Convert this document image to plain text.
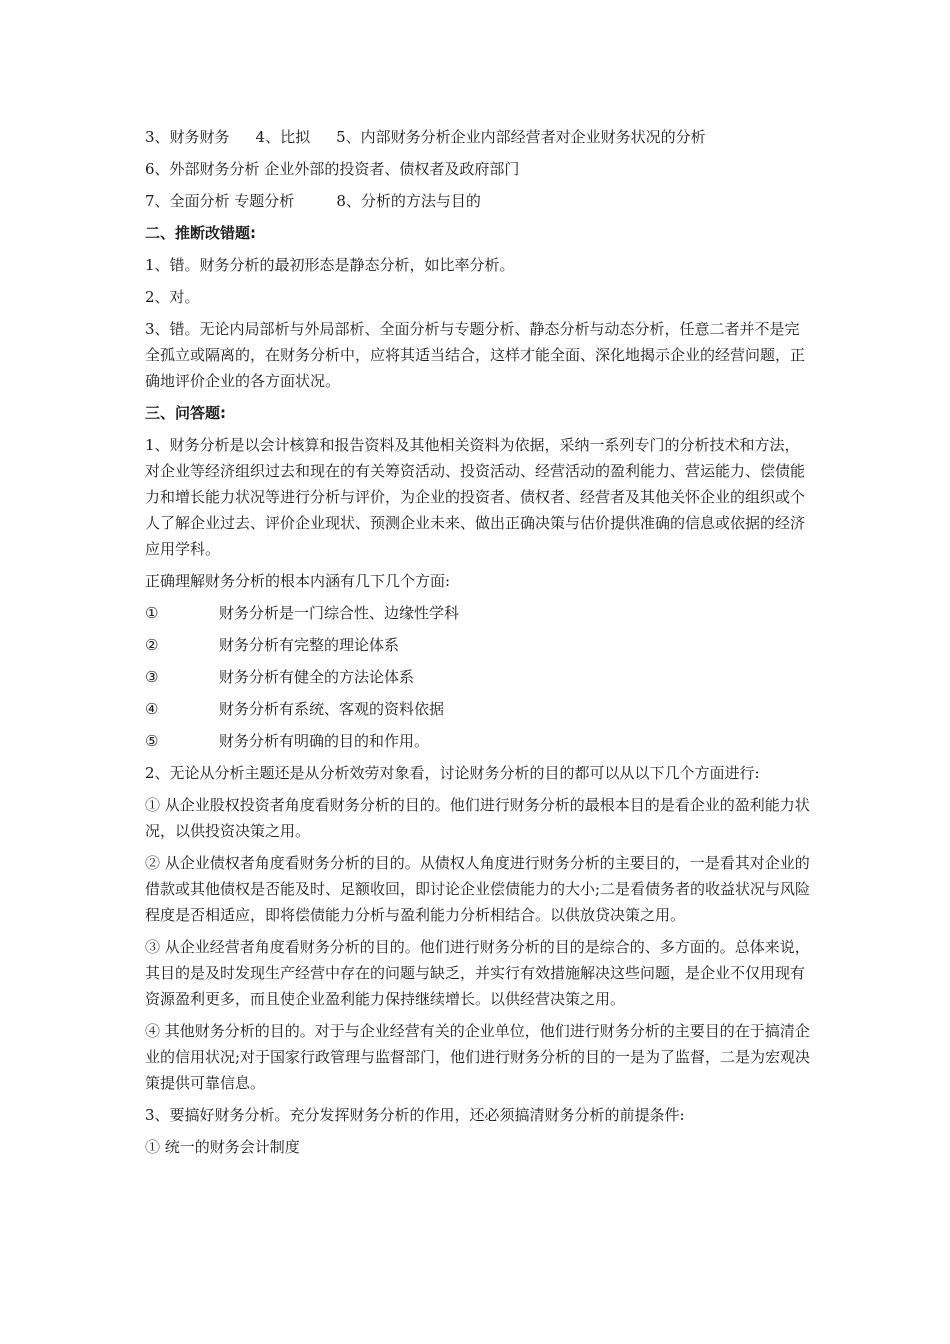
3、财务财务 4、比拟 5、内部财务分析企业内部经营者对企业财务状况的分析

6、外部财务分析 企业外部的投资者、债权者及政府部门

7、全面分析 专题分析	8、分析的方法与目的

二、推断改错题:

1、错。财务分析的最初形态是静态分析，如比率分析。

2、对。

3、错。无论内局部析与外局部析、全面分析与专题分析、静态分析与动态分析，任意二者并不是完全孤立或隔离的，在财务分析中，应将其适当结合，这样才能全面、深化地揭示企业的经营问题，正确地评价企业的各方面状况。

三、问答题:

1、财务分析是以会计核算和报告资料及其他相关资料为依据，采纳一系列专门的分析技术和方法，对企业等经济组织过去和现在的有关筹资活动、投资活动、经营活动的盈利能力、营运能力、偿债能力和增长能力状况等进行分析与评价，为企业的投资者、债权者、经营者及其他关怀企业的组织或个人了解企业过去、评价企业现状、预测企业未来、做出正确决策与估价提供准确的信息或依据的经济应用学科。

正确理解财务分析的根本内涵有几下几个方面:

①	财务分析是一门综合性、边缘性学科

②	财务分析有完整的理论体系

③	财务分析有健全的方法论体系

④	财务分析有系统、客观的资料依据

⑤	财务分析有明确的目的和作用。

2、无论从分析主题还是从分析效劳对象看，讨论财务分析的目的都可以从以下几个方面进行:

① 从企业股权投资者角度看财务分析的目的。他们进行财务分析的最根本目的是看企业的盈利能力状况，以供投资决策之用。

② 从企业债权者角度看财务分析的目的。从债权人角度进行财务分析的主要目的，一是看其对企业的借款或其他债权是否能及时、足额收回，即讨论企业偿债能力的大小;二是看债务者的收益状况与风险程度是否相适应，即将偿债能力分析与盈利能力分析相结合。以供放贷决策之用。

③ 从企业经营者角度看财务分析的目的。他们进行财务分析的目的是综合的、多方面的。总体来说，其目的是及时发现生产经营中存在的问题与缺乏，并实行有效措施解决这些问题，是企业不仅用现有资源盈利更多，而且使企业盈利能力保持继续增长。以供经营决策之用。

④ 其他财务分析的目的。对于与企业经营有关的企业单位，他们进行财务分析的主要目的在于搞清企业的信用状况;对于国家行政管理与监督部门，他们进行财务分析的目的一是为了监督，二是为宏观决策提供可靠信息。

3、要搞好财务分析。充分发挥财务分析的作用，还必须搞清财务分析的前提条件:

① 统一的财务会计制度
